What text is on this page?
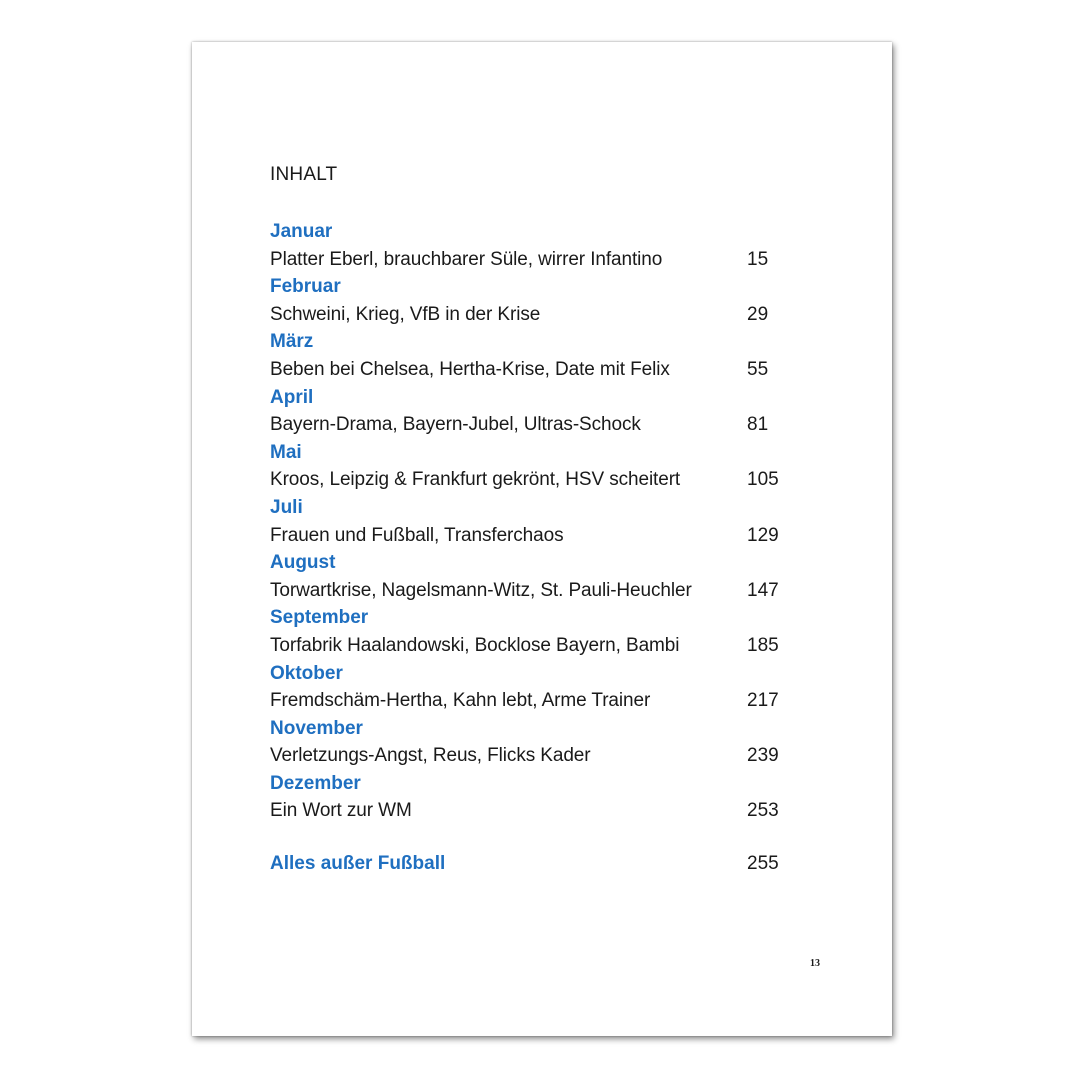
INHALT
Januar
Platter Eberl, brauchbarer Süle, wirrer Infantino	15
Februar
Schweini, Krieg, VfB in der Krise	29
März
Beben bei Chelsea, Hertha-Krise, Date mit Felix	55
April
Bayern-Drama, Bayern-Jubel, Ultras-Schock	81
Mai
Kroos, Leipzig & Frankfurt gekrönt, HSV scheitert	105
Juli
Frauen und Fußball, Transferchaos	129
August
Torwartkrise, Nagelsmann-Witz, St. Pauli-Heuchler	147
September
Torfabrik Haalandowski, Bocklose Bayern, Bambi	185
Oktober
Fremdschäm-Hertha, Kahn lebt, Arme Trainer	217
November
Verletzungs-Angst, Reus, Flicks Kader	239
Dezember
Ein Wort zur WM	253
Alles außer Fußball	255
13
